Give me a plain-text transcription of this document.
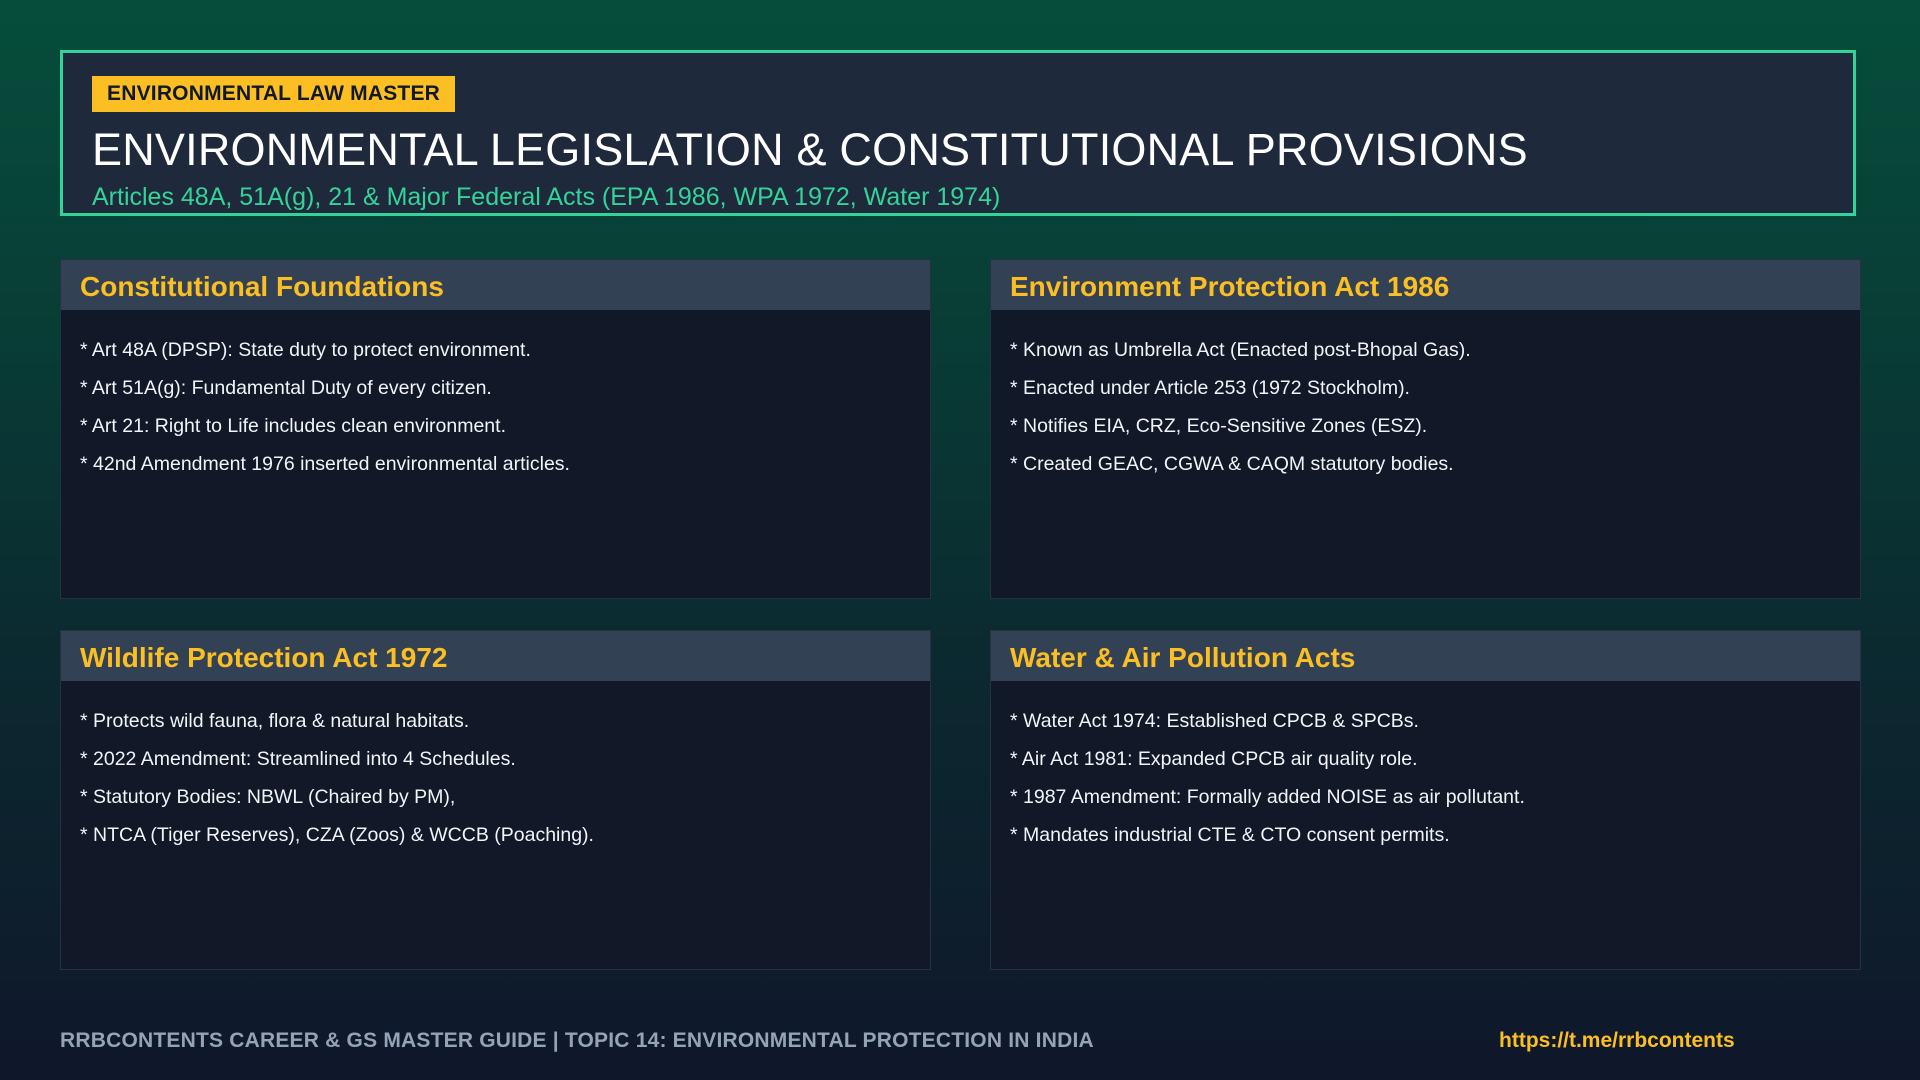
ENVIRONMENTAL LAW MASTER
ENVIRONMENTAL LEGISLATION & CONSTITUTIONAL PROVISIONS
Articles 48A, 51A(g), 21 & Major Federal Acts (EPA 1986, WPA 1972, Water 1974)
Constitutional Foundations
* Art 48A (DPSP): State duty to protect environment.
* Art 51A(g): Fundamental Duty of every citizen.
* Art 21: Right to Life includes clean environment.
* 42nd Amendment 1976 inserted environmental articles.
Environment Protection Act 1986
* Known as Umbrella Act (Enacted post-Bhopal Gas).
* Enacted under Article 253 (1972 Stockholm).
* Notifies EIA, CRZ, Eco-Sensitive Zones (ESZ).
* Created GEAC, CGWA & CAQM statutory bodies.
Wildlife Protection Act 1972
* Protects wild fauna, flora & natural habitats.
* 2022 Amendment: Streamlined into 4 Schedules.
* Statutory Bodies: NBWL (Chaired by PM),
* NTCA (Tiger Reserves), CZA (Zoos) & WCCB (Poaching).
Water & Air Pollution Acts
* Water Act 1974: Established CPCB & SPCBs.
* Air Act 1981: Expanded CPCB air quality role.
* 1987 Amendment: Formally added NOISE as air pollutant.
* Mandates industrial CTE & CTO consent permits.
RRBCONTENTS CAREER & GS MASTER GUIDE | TOPIC 14: ENVIRONMENTAL PROTECTION IN INDIA	https://t.me/rrbcontents
